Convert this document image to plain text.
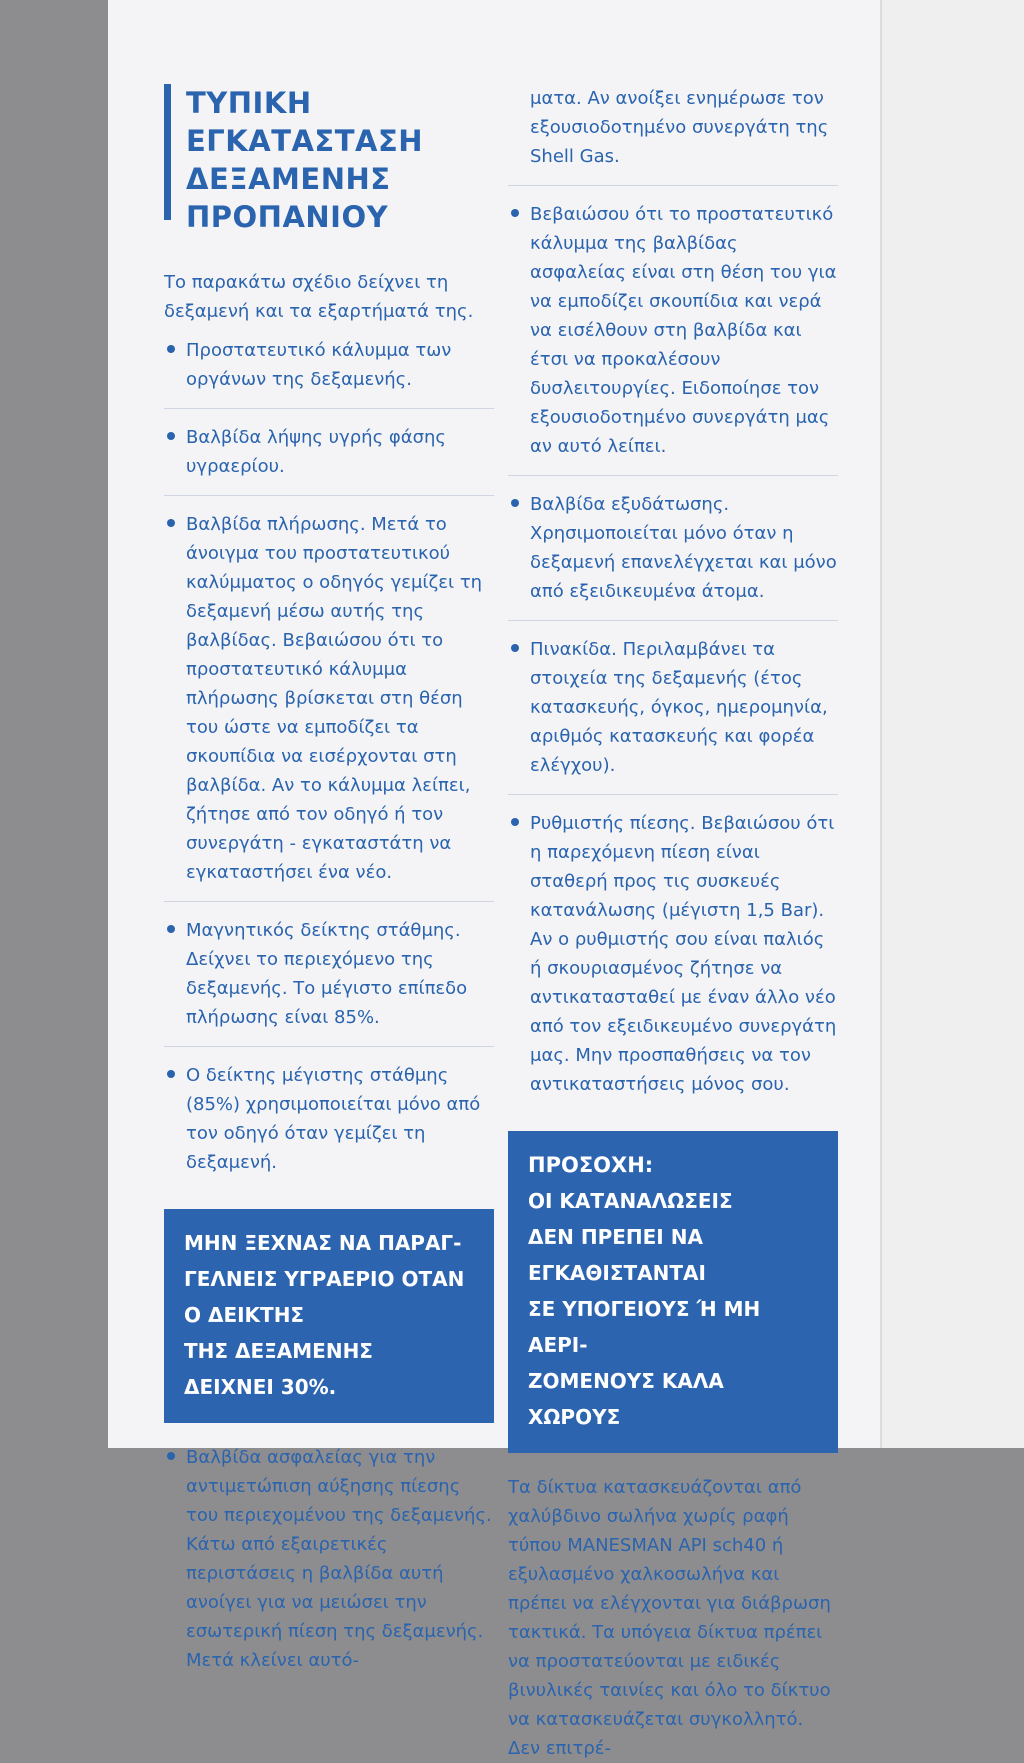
ΤΥΠΙΚΗ
ΕΓΚΑΤΑΣΤΑΣΗ
ΔΕΞΑΜΕΝΗΣ
ΠΡΟΠΑΝΙΟΥ
Το παρακάτω σχέδιο δείχνει τη δεξαμενή και τα εξαρτήματά της.
Προστατευτικό κάλυμμα των οργάνων της δεξαμενής.
Βαλβίδα λήψης υγρής φάσης υγραερίου.
Βαλβίδα πλήρωσης. Μετά το άνοιγμα του προστατευτικού καλύμματος ο οδηγός γεμίζει τη δεξαμενή μέσω αυτής της βαλβίδας. Βεβαιώσου ότι το προστατευτικό κάλυμμα πλήρωσης βρίσκεται στη θέση του ώστε να εμποδίζει τα σκουπίδια να εισέρχονται στη βαλβίδα. Αν το κάλυμμα λείπει, ζήτησε από τον οδηγό ή τον συνεργάτη - εγκαταστάτη να εγκαταστήσει ένα νέο.
Μαγνητικός δείκτης στάθμης. Δείχνει το περιεχόμενο της δεξαμενής. Το μέγιστο επίπεδο πλήρωσης είναι 85%.
Ο δείκτης μέγιστης στάθμης (85%) χρησιμοποιείται μόνο από τον οδηγό όταν γεμίζει τη δεξαμενή.
ΜΗΝ ΞΕΧΝΑΣ ΝΑ ΠΑΡΑΓ-
ΓΕΛΝΕΙΣ ΥΓΡΑΕΡΙΟ ΟΤΑΝ
Ο ΔΕΙΚΤΗΣ
ΤΗΣ ΔΕΞΑΜΕΝΗΣ
ΔΕΙΧΝΕΙ 30%.
Βαλβίδα ασφαλείας για την αντιμετώπιση αύξησης πίεσης του περιεχομένου της δεξαμενής. Κάτω από εξαιρετικές περιστάσεις η βαλβίδα αυτή ανοίγει για να μειώσει την εσωτερική πίεση της δεξαμενής. Μετά κλείνει αυτό-
ματα. Αν ανοίξει ενημέρωσε τον εξουσιοδοτημένο συνεργάτη της Shell Gas.
Βεβαιώσου ότι το προστατευτικό κάλυμμα της βαλβίδας ασφαλείας είναι στη θέση του για να εμποδίζει σκουπίδια και νερά να εισέλθουν στη βαλβίδα και έτσι να προκαλέσουν δυσλειτουργίες. Ειδοποίησε τον εξουσιοδοτημένο συνεργάτη μας αν αυτό λείπει.
Βαλβίδα εξυδάτωσης. Χρησιμοποιείται μόνο όταν η δεξαμενή επανελέγχεται και μόνο από εξειδικευμένα άτομα.
Πινακίδα. Περιλαμβάνει τα στοιχεία της δεξαμενής (έτος κατασκευής, όγκος, ημερομηνία, αριθμός κατασκευής και φορέα ελέγχου).
Ρυθμιστής πίεσης. Βεβαιώσου ότι η παρεχόμενη πίεση είναι σταθερή προς τις συσκευές κατανάλωσης (μέγιστη 1,5 Bar). Αν ο ρυθμιστής σου είναι παλιός ή σκουριασμένος ζήτησε να αντικατασταθεί με έναν άλλο νέο από τον εξειδικευμένο συνεργάτη μας. Μην προσπαθήσεις να τον αντικαταστήσεις μόνος σου.
ΠΡΟΣΟΧΗ:
ΟΙ ΚΑΤΑΝΑΛΩΣΕΙΣ
ΔΕΝ ΠΡΕΠΕΙ ΝΑ
ΕΓΚΑΘΙΣΤΑΝΤΑΙ
ΣΕ ΥΠΟΓΕΙΟΥΣ Ή ΜΗ ΑΕΡΙ-
ΖΟΜΕΝΟΥΣ ΚΑΛΑ ΧΩΡΟΥΣ
Τα δίκτυα κατασκευάζονται από χαλύβδινο σωλήνα χωρίς ραφή τύπου MANESMAN API sch40 ή εξυλασμένο χαλκοσωλήνα και πρέπει να ελέγχονται για διάβρωση τακτικά. Τα υπόγεια δίκτυα πρέπει να προστατεύονται με ειδικές βινυλικές ταινίες και όλο το δίκτυο να κατασκευάζεται συγκολλητό. Δεν επιτρέ-
